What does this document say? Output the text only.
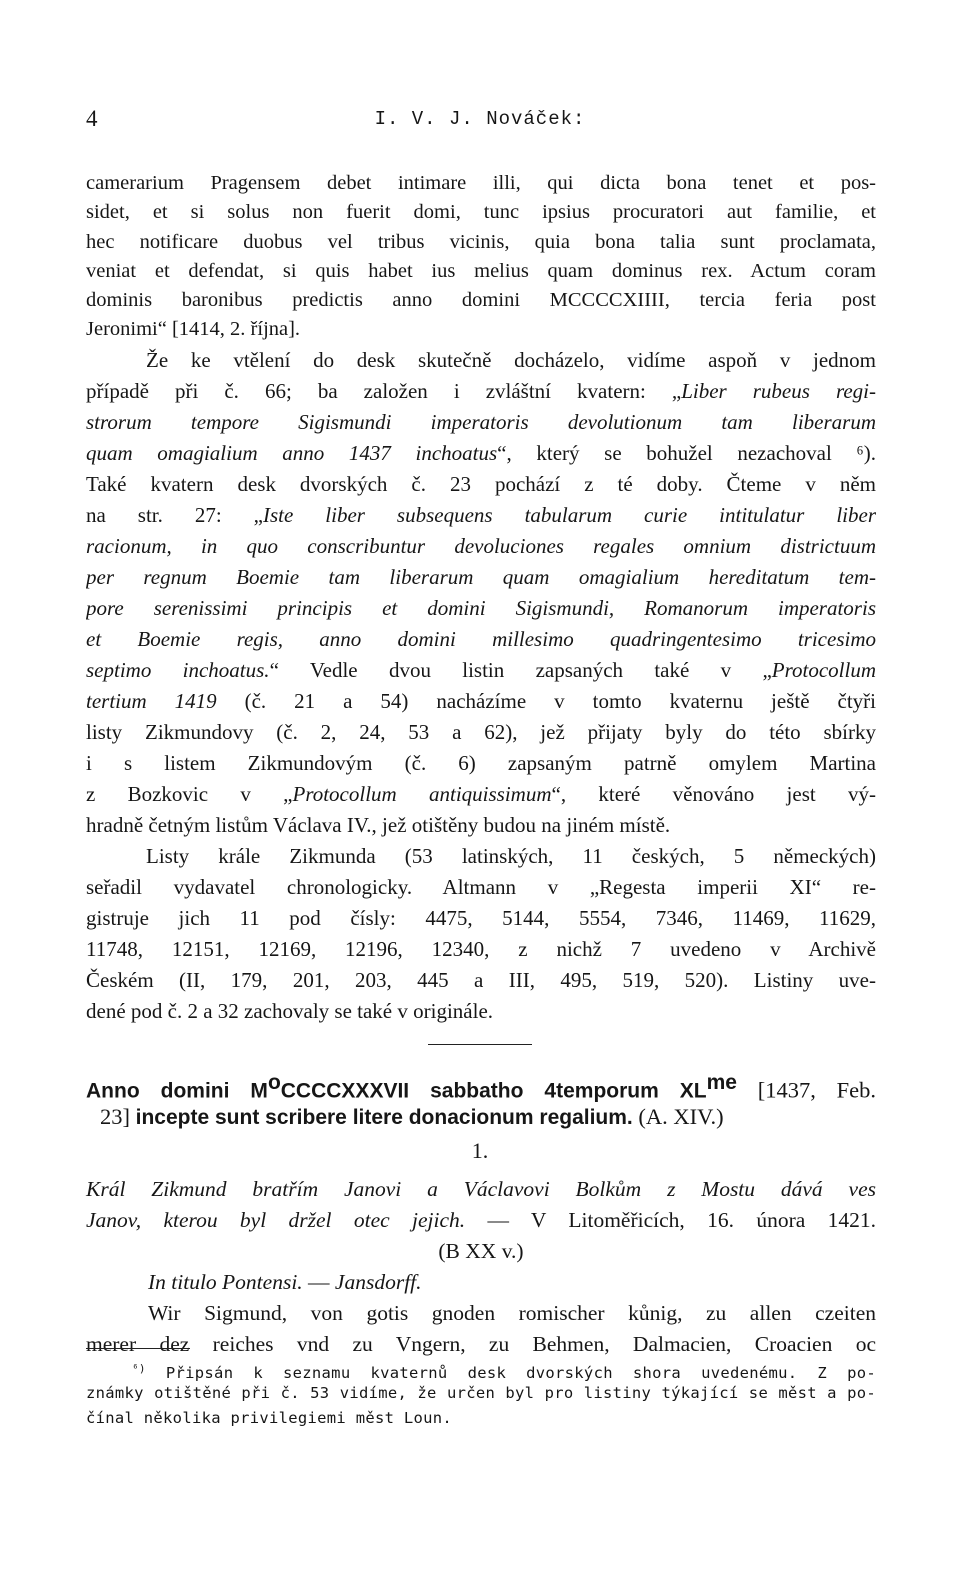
4	I. V. J. Nováček:
camerarium Pragensem debet intimare illi, qui dicta bona tenet et pos-
sidet, et si solus non fuerit domi, tunc ipsius procuratori aut familie, et
hec notificare duobus vel tribus vicinis, quia bona talia sunt proclamata,
veniat et defendat, si quis habet ius melius quam dominus rex. Actum coram
dominis baronibus predictis anno domini MCCCCXIIII, tercia feria post
Jeronimi“ [1414, 2. října].
Že ke vtělení do desk skutečně docházelo, vidíme aspoň v jednom
případě při č. 66; ba založen i zvláštní kvatern: „Liber rubeus regi-
strorum tempore Sigismundi imperatoris devolutionum tam liberarum
quam omagialium anno 1437 inchoatus“, který se bohužel nezachoval ⁶).
Také kvatern desk dvorských č. 23 pochází z té doby. Čteme v něm
na str. 27: „Iste liber subsequens tabularum curie intitulatur liber
racionum, in quo conscribuntur devoluciones regales omnium districtuum
per regnum Boemie tam liberarum quam omagialium hereditatum tem-
pore serenissimi principis et domini Sigismundi, Romanorum imperatoris
et Boemie regis, anno domini millesimo quadringentesimo tricesimo
septimo inchoatus.“ Vedle dvou listin zapsaných také v „Protocollum
tertium 1419 (č. 21 a 54) nacházíme v tomto kvaternu ještě čtyři
listy Zikmundovy (č. 2, 24, 53 a 62), jež přijaty byly do této sbírky
i s listem Zikmundovým (č. 6) zapsaným patrně omylem Martina
z Bozkovic v „Protocollum antiquissimum“, které věnováno jest vý-
hradně četným listům Václava IV., jež otištěny budou na jiném místě.
Listy krále Zikmunda (53 latinských, 11 českých, 5 německých)
seřadil vydavatel chronologicky. Altmann v „Regesta imperii XI“ re-
gistruje jich 11 pod čísly: 4475, 5144, 5554, 7346, 11469, 11629,
11748, 12151, 12169, 12196, 12340, z nichž 7 uvedeno v Archivě
Českém (II, 179, 201, 203, 445 a III, 495, 519, 520). Listiny uve-
dené pod č. 2 a 32 zachovaly se také v originále.
Anno domini $M^oCCCCXXXVII$ sabbatho 4temporum $XL^{me}$ [1437, Feb.
23] incepte sunt scribere litere donacionum regalium. (A. XIV.)
1.
Král Zikmund bratřím Janovi a Václavovi Bolkům z Mostu dává ves
Janov, kterou byl držel otec jejich. — V Litoměřicích, 16. února 1421.
(B XX v.)
In titulo Pontensi. — Jansdorff.
Wir Sigmund, von gotis gnoden romischer kůnig, zu allen czeiten
merer dez reiches vnd zu Vngern, zu Behmen, Dalmacien, Croacien oc
$^{^6)}$ Připsán k seznamu kvaternů desk dvorských shora uvedenému. Z po-
známky otištěné při č. 53 vidíme, že určen byl pro listiny týkající se měst a po-
čínal několika privilegiemi měst Loun.
